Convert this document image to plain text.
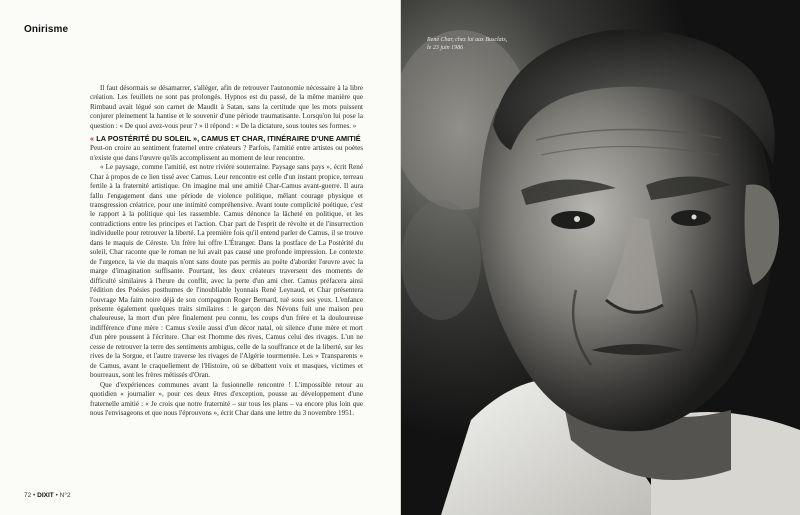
Onirisme

Il faut désormais se désamarrer, s'alléger, afin de retrouver l'autonomie nécessaire à la libre création. Les feuillets ne sont pas prolongés. Hypnos est du passé, de la même manière que Rimbaud avait légué son carnet de Maudit à Satan, sans la certitude que les mots puissent conjurer pleinement la hantise et le souvenir d'une période traumatisante. Lorsqu'on lui pose la question : « De quoi avez-vous peur ? » il répond : « De la dictature, sous toutes ses formes. »

« LA POSTÉRITÉ DU SOLEIL », CAMUS ET CHAR, ITINÉRAIRE D'UNE AMITIÉ

Peut-on croire au sentiment fraternel entre créateurs ? Parfois, l'amitié entre artistes ou poètes n'existe que dans l'œuvre qu'ils accomplissent au moment de leur rencontre.

« Le paysage, comme l'amitié, est notre rivière souterraine. Paysage sans pays », écrit René Char à propos de ce lien tissé avec Camus. Leur rencontre est celle d'un instant propice, terreau fertile à la fraternité artistique. On imagine mal une amitié Char-Camus avant-guerre. Il aura fallu l'engagement dans une période de violence politique, mêlant courage physique et transgression créatrice, pour une intimité compréhensive. Avant toute complicité poétique, c'est le rapport à la politique qui les rassemble. Camus dénonce la lâcheté en politique, et les contradictions entre les principes et l'action. Char part de l'esprit de révolte et de l'insurrection individuelle pour retrouver la liberté. La première fois qu'il entend parler de Camus, il se trouve dans le maquis de Céreste. Un frère lui offre L'Étranger. Dans la postface de La Postérité du soleil, Char raconte que le roman ne lui avait pas causé une profonde impression. Le contexte de l'urgence, la vie du maquis n'ont sans doute pas permis au poète d'aborder l'œuvre avec la marge d'imagination suffisante. Pourtant, les deux créateurs traversent des moments de difficulté similaires à l'heure du conflit, avec la perte d'un ami cher. Camus préfacera ainsi l'édition des Poésies posthumes de l'inoubliable lyonnais René Leynaud, et Char présentera l'ouvrage Ma faim noire déjà de son compagnon Roger Bernard, tué sous ses yeux. L'enfance présente également quelques traits similaires : le garçon des Névons fuit une maison peu chaleureuse, la mort d'un père finalement peu connu, les coups d'un frère et la douloureuse indifférence d'une mère : Camus s'exile aussi d'un décor natal, où silence d'une mère et mort d'un père poussent à l'écriture. Char est l'homme des rives, Camus celui des rivages. L'un ne cesse de retrouver la terre des sentiments ambigus, celle de la souffrance et de la liberté, sur les rives de la Sorgue, et l'autre traverse les rivages de l'Algérie tourmentée. Les « Transparents » de Camus, avant le craquellement de l'Histoire, où se débattent voix et masques, victimes et bourreaux, sont les frères métissés d'Oran.

Que d'expériences communes avant la fusionnelle rencontre ! L'impossible retour au quotidien « journalier », pour ces deux êtres d'exception, pousse au développement d'une fraternelle amitié : « Je crois que notre fraternité – sur tous les plans – va encore plus loin que nous l'envisageons et que nous l'éprouvons », écrit Char dans une lettre du 3 novembre 1951.

72 • DIXIT • N°2
René Char, chez lui aux Busclats,
le 23 juin 1986
